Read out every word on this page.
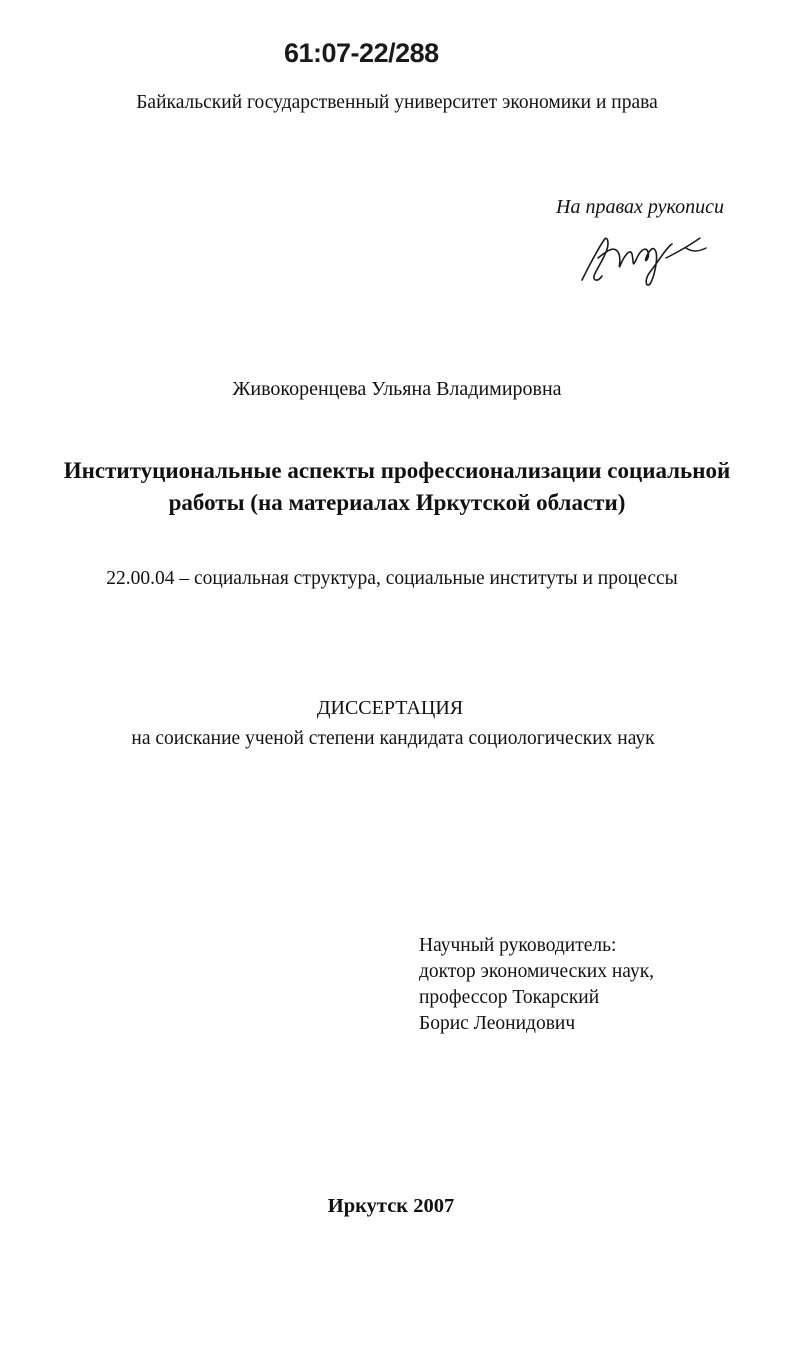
61:07-22/288
Байкальский государственный университет экономики и права
На правах рукописи
Живокоренцева Ульяна Владимировна
Институциональные аспекты профессионализации социальной работы (на материалах Иркутской области)
22.00.04 – социальная структура, социальные институты и процессы
ДИССЕРТАЦИЯ
на соискание ученой степени кандидата социологических наук
Научный руководитель:
доктор экономических наук,
профессор Токарский
Борис Леонидович
Иркутск 2007
